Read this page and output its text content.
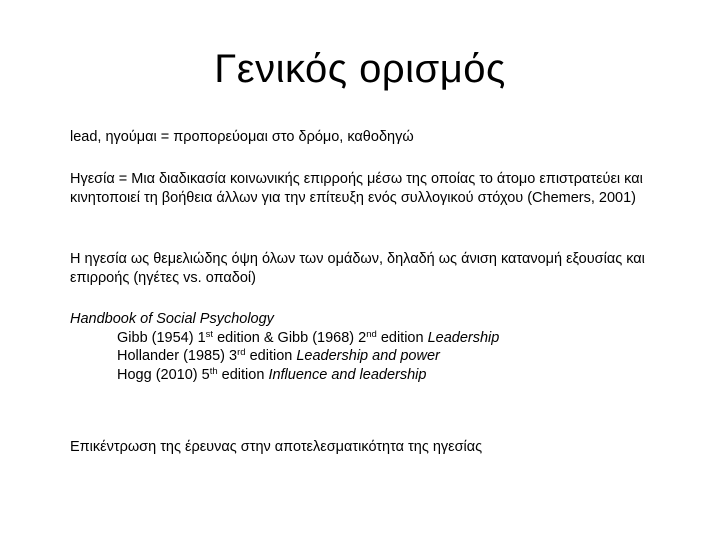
Γενικός ορισμός

lead, ηγούμαι = προπορεύομαι στο δρόμο, καθοδηγώ

Ηγεσία = Μια διαδικασία κοινωνικής επιρροής μέσω της οποίας το άτομο επιστρατεύει και κινητοποιεί τη βοήθεια άλλων για την επίτευξη ενός συλλογικού στόχου (Chemers, 2001)

Η ηγεσία ως θεμελιώδης όψη όλων των ομάδων, δηλαδή ως άνιση κατανομή εξουσίας και επιρροής (ηγέτες vs. οπαδοί)

Handbook of Social Psychology
Gibb (1954) 1st edition & Gibb (1968) 2nd edition Leadership
Hollander (1985) 3rd edition Leadership and power
Hogg (2010) 5th edition Influence and leadership

Επικέντρωση της έρευνας στην αποτελεσματικότητα της ηγεσίας
